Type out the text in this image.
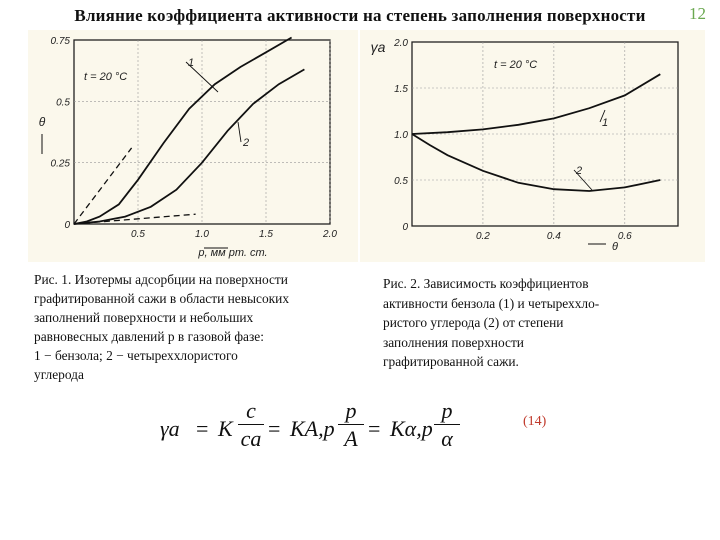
Влияние коэффициента активности на степень заполнения поверхности	12
0.5	1.0	1.5	2.0
0
0.25
0.5
0.75
t = 20 °C
1
2
p, мм рт. ст.
θ
0.2	0.4	0.6
0
0.5
1.0
1.5
2.0
t = 20 °C
1
2
θ
γa
Рис. 1. Изотермы адсорбции на поверхности
графитированной сажи в области невысоких
заполнений поверхности и небольших
равновесных давлений p в газовой фазе:
1 − бензола; 2 − четыреххлористого
углерода
Рис. 2. Зависимость коэффициентов
активности бензола (1) и четыреххло-
ристого углерода (2) от степени
заполнения поверхности
графитированной сажи.
γa = K $\frac{c}{ca} = KA,p \frac{p}{A} = K\alpha,p \frac{p}{\alpha}$	(14)
